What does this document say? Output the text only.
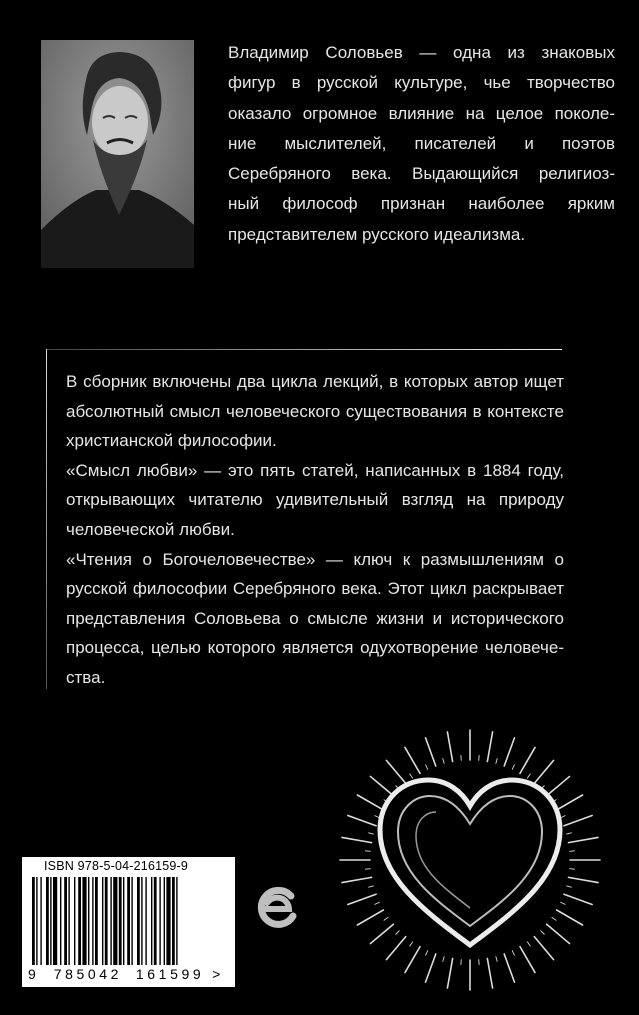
Владимир Соловьев — одна из знаковых
фигур в русской культуре, чье творчество
оказало огромное влияние на целое поколе-
ние мыслителей, писателей и поэтов
Серебряного века. Выдающийся религиоз-
ный философ признан наиболее ярким
представителем русского идеализма.
В сборник включены два цикла лекций, в которых автор ищет
абсолютный смысл человеческого существования в контексте
христианской философии.
«Смысл любви» — это пять статей, написанных в 1884 году,
открывающих читателю удивительный взгляд на природу
человеческой любви.
«Чтения о Богочеловечестве» — ключ к размышлениям о
русской философии Серебряного века. Этот цикл раскрывает
представления Соловьева о смысле жизни и исторического
процесса, целью которого является одухотворение человече-
ства.
ISBN 978-5-04-216159-9
9 785042 161599 >
